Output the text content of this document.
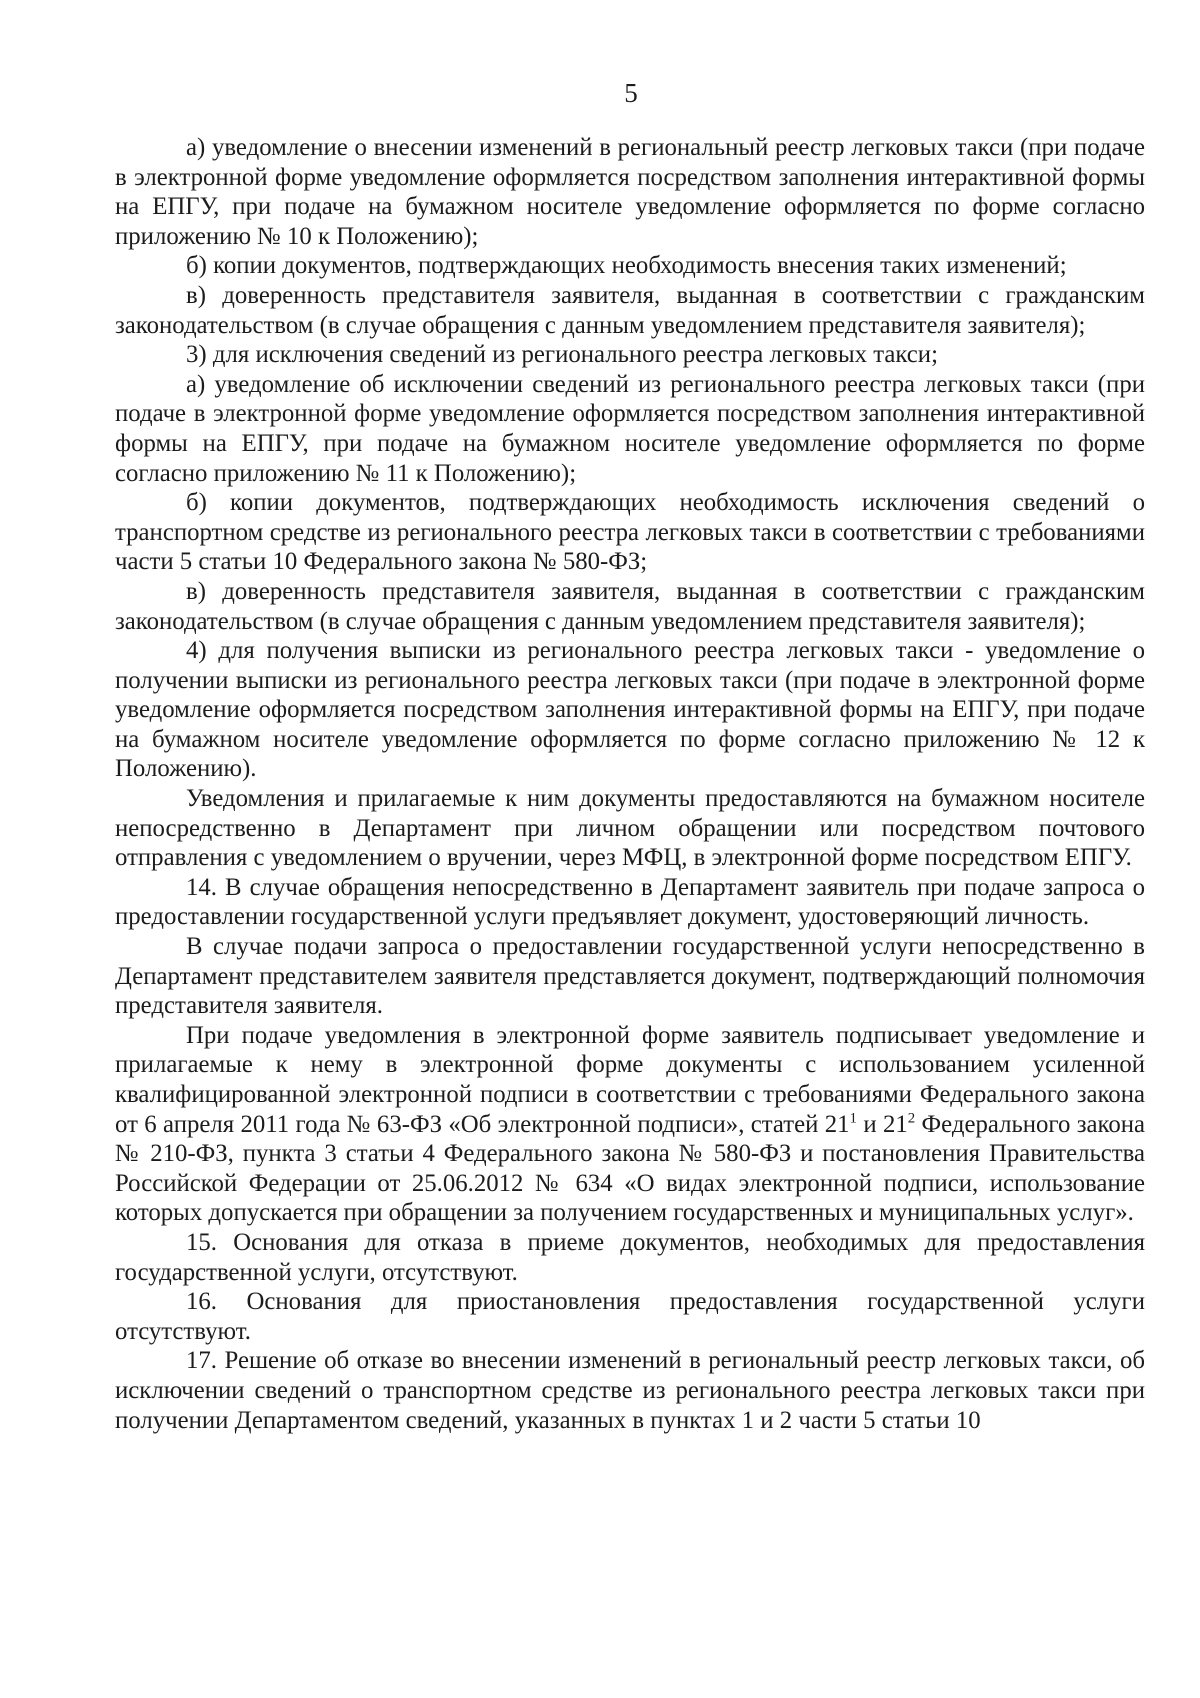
5

а) уведомление о внесении изменений в региональный реестр легковых такси (при подаче в электронной форме уведомление оформляется посредством заполнения интерактивной формы на ЕПГУ, при подаче на бумажном носителе уведомление оформляется по форме согласно приложению № 10 к Положению);

б) копии документов, подтверждающих необходимость внесения таких изменений;

в) доверенность представителя заявителя, выданная в соответствии с гражданским законодательством (в случае обращения с данным уведомлением представителя заявителя);

3) для исключения сведений из регионального реестра легковых такси;

а) уведомление об исключении сведений из регионального реестра легковых такси (при подаче в электронной форме уведомление оформляется посредством заполнения интерактивной формы на ЕПГУ, при подаче на бумажном носителе уведомление оформляется по форме согласно приложению № 11 к Положению);

б) копии документов, подтверждающих необходимость исключения сведений о транспортном средстве из регионального реестра легковых такси в соответствии с требованиями части 5 статьи 10 Федерального закона № 580-ФЗ;

в) доверенность представителя заявителя, выданная в соответствии с гражданским законодательством (в случае обращения с данным уведомлением представителя заявителя);

4) для получения выписки из регионального реестра легковых такси - уведомление о получении выписки из регионального реестра легковых такси (при подаче в электронной форме уведомление оформляется посредством заполнения интерактивной формы на ЕПГУ, при подаче на бумажном носителе уведомление оформляется по форме согласно приложению № 12 к Положению).

Уведомления и прилагаемые к ним документы предоставляются на бумажном носителе непосредственно в Департамент при личном обращении или посредством почтового отправления с уведомлением о вручении, через МФЦ, в электронной форме посредством ЕПГУ.

14. В случае обращения непосредственно в Департамент заявитель при подаче запроса о предоставлении государственной услуги предъявляет документ, удостоверяющий личность.

В случае подачи запроса о предоставлении государственной услуги непосредственно в Департамент представителем заявителя представляется документ, подтверждающий полномочия представителя заявителя.

При подаче уведомления в электронной форме заявитель подписывает уведомление и прилагаемые к нему в электронной форме документы с использованием усиленной квалифицированной электронной подписи в соответствии с требованиями Федерального закона от 6 апреля 2011 года № 63-ФЗ «Об электронной подписи», статей $21^1$ и $21^2$ Федерального закона № 210-ФЗ, пункта 3 статьи 4 Федерального закона № 580-ФЗ и постановления Правительства Российской Федерации от 25.06.2012 № 634 «О видах электронной подписи, использование которых допускается при обращении за получением государственных и муниципальных услуг».

15. Основания для отказа в приеме документов, необходимых для предоставления государственной услуги, отсутствуют.

16. Основания для приостановления предоставления государственной услуги отсутствуют.

17. Решение об отказе во внесении изменений в региональный реестр легковых такси, об исключении сведений о транспортном средстве из регионального реестра легковых такси при получении Департаментом сведений, указанных в пунктах 1 и 2 части 5 статьи 10
